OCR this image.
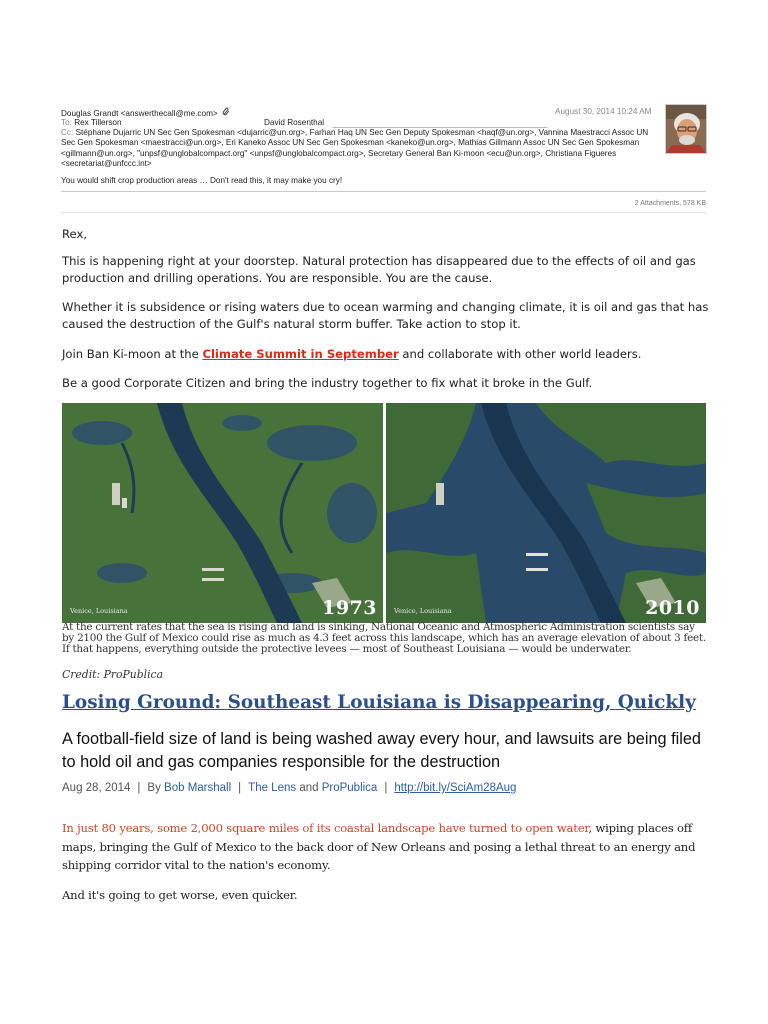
Douglas Grandt <answerthecall@me.com>	August 30, 2014 10:24 AM
To: Rex Tillerson	David Rosenthal
Cc: Stéphane Dujarric UN Sec Gen Spokesman <dujarric@un.org>, Farhan Haq UN Sec Gen Deputy Spokesman <haqf@un.org>, Vannina Maestracci Assoc UN Sec Gen Spokesman <maestracci@un.org>, Eri Kaneko Assoc UN Sec Gen Spokesman <kaneko@un.org>, Mathias Gillmann Assoc UN Sec Gen Spokesman <gillmann@un.org>, "unpsf@unglobalcompact.org" <unpsf@unglobalcompact.org>, Secretary General Ban Ki-moon <ecu@un.org>, Christiana Figueres <secretariat@unfccc.int>
You would shift crop production areas … Don't read this, it may make you cry!
2 Attachments, 578 KB
Rex,
This is happening right at your doorstep. Natural protection has disappeared due to the effects of oil and gas production and drilling operations. You are responsible. You are the cause.
Whether it is subsidence or rising waters due to ocean warming and changing climate, it is oil and gas that has caused the destruction of the Gulf's natural storm buffer. Take action to stop it.
Join Ban Ki-moon at the Climate Summit in September and collaborate with other world leaders.
Be a good Corporate Citizen and bring the industry together to fix what it broke in the Gulf.
Venice, Louisiana	1973	Venice, Louisiana	2010
At the current rates that the sea is rising and land is sinking, National Oceanic and Atmospheric Administration scientists say by 2100 the Gulf of Mexico could rise as much as 4.3 feet across this landscape, which has an average elevation of about 3 feet. If that happens, everything outside the protective levees — most of Southeast Louisiana — would be underwater.
Credit: ProPublica
Losing Ground: Southeast Louisiana is Disappearing, Quickly
A football-field size of land is being washed away every hour, and lawsuits are being filed to hold oil and gas companies responsible for the destruction
Aug 28, 2014 | By Bob Marshall | The Lens and ProPublica | http://bit.ly/SciAm28Aug
In just 80 years, some 2,000 square miles of its coastal landscape have turned to open water, wiping places off maps, bringing the Gulf of Mexico to the back door of New Orleans and posing a lethal threat to an energy and shipping corridor vital to the nation's economy.
And it's going to get worse, even quicker.
